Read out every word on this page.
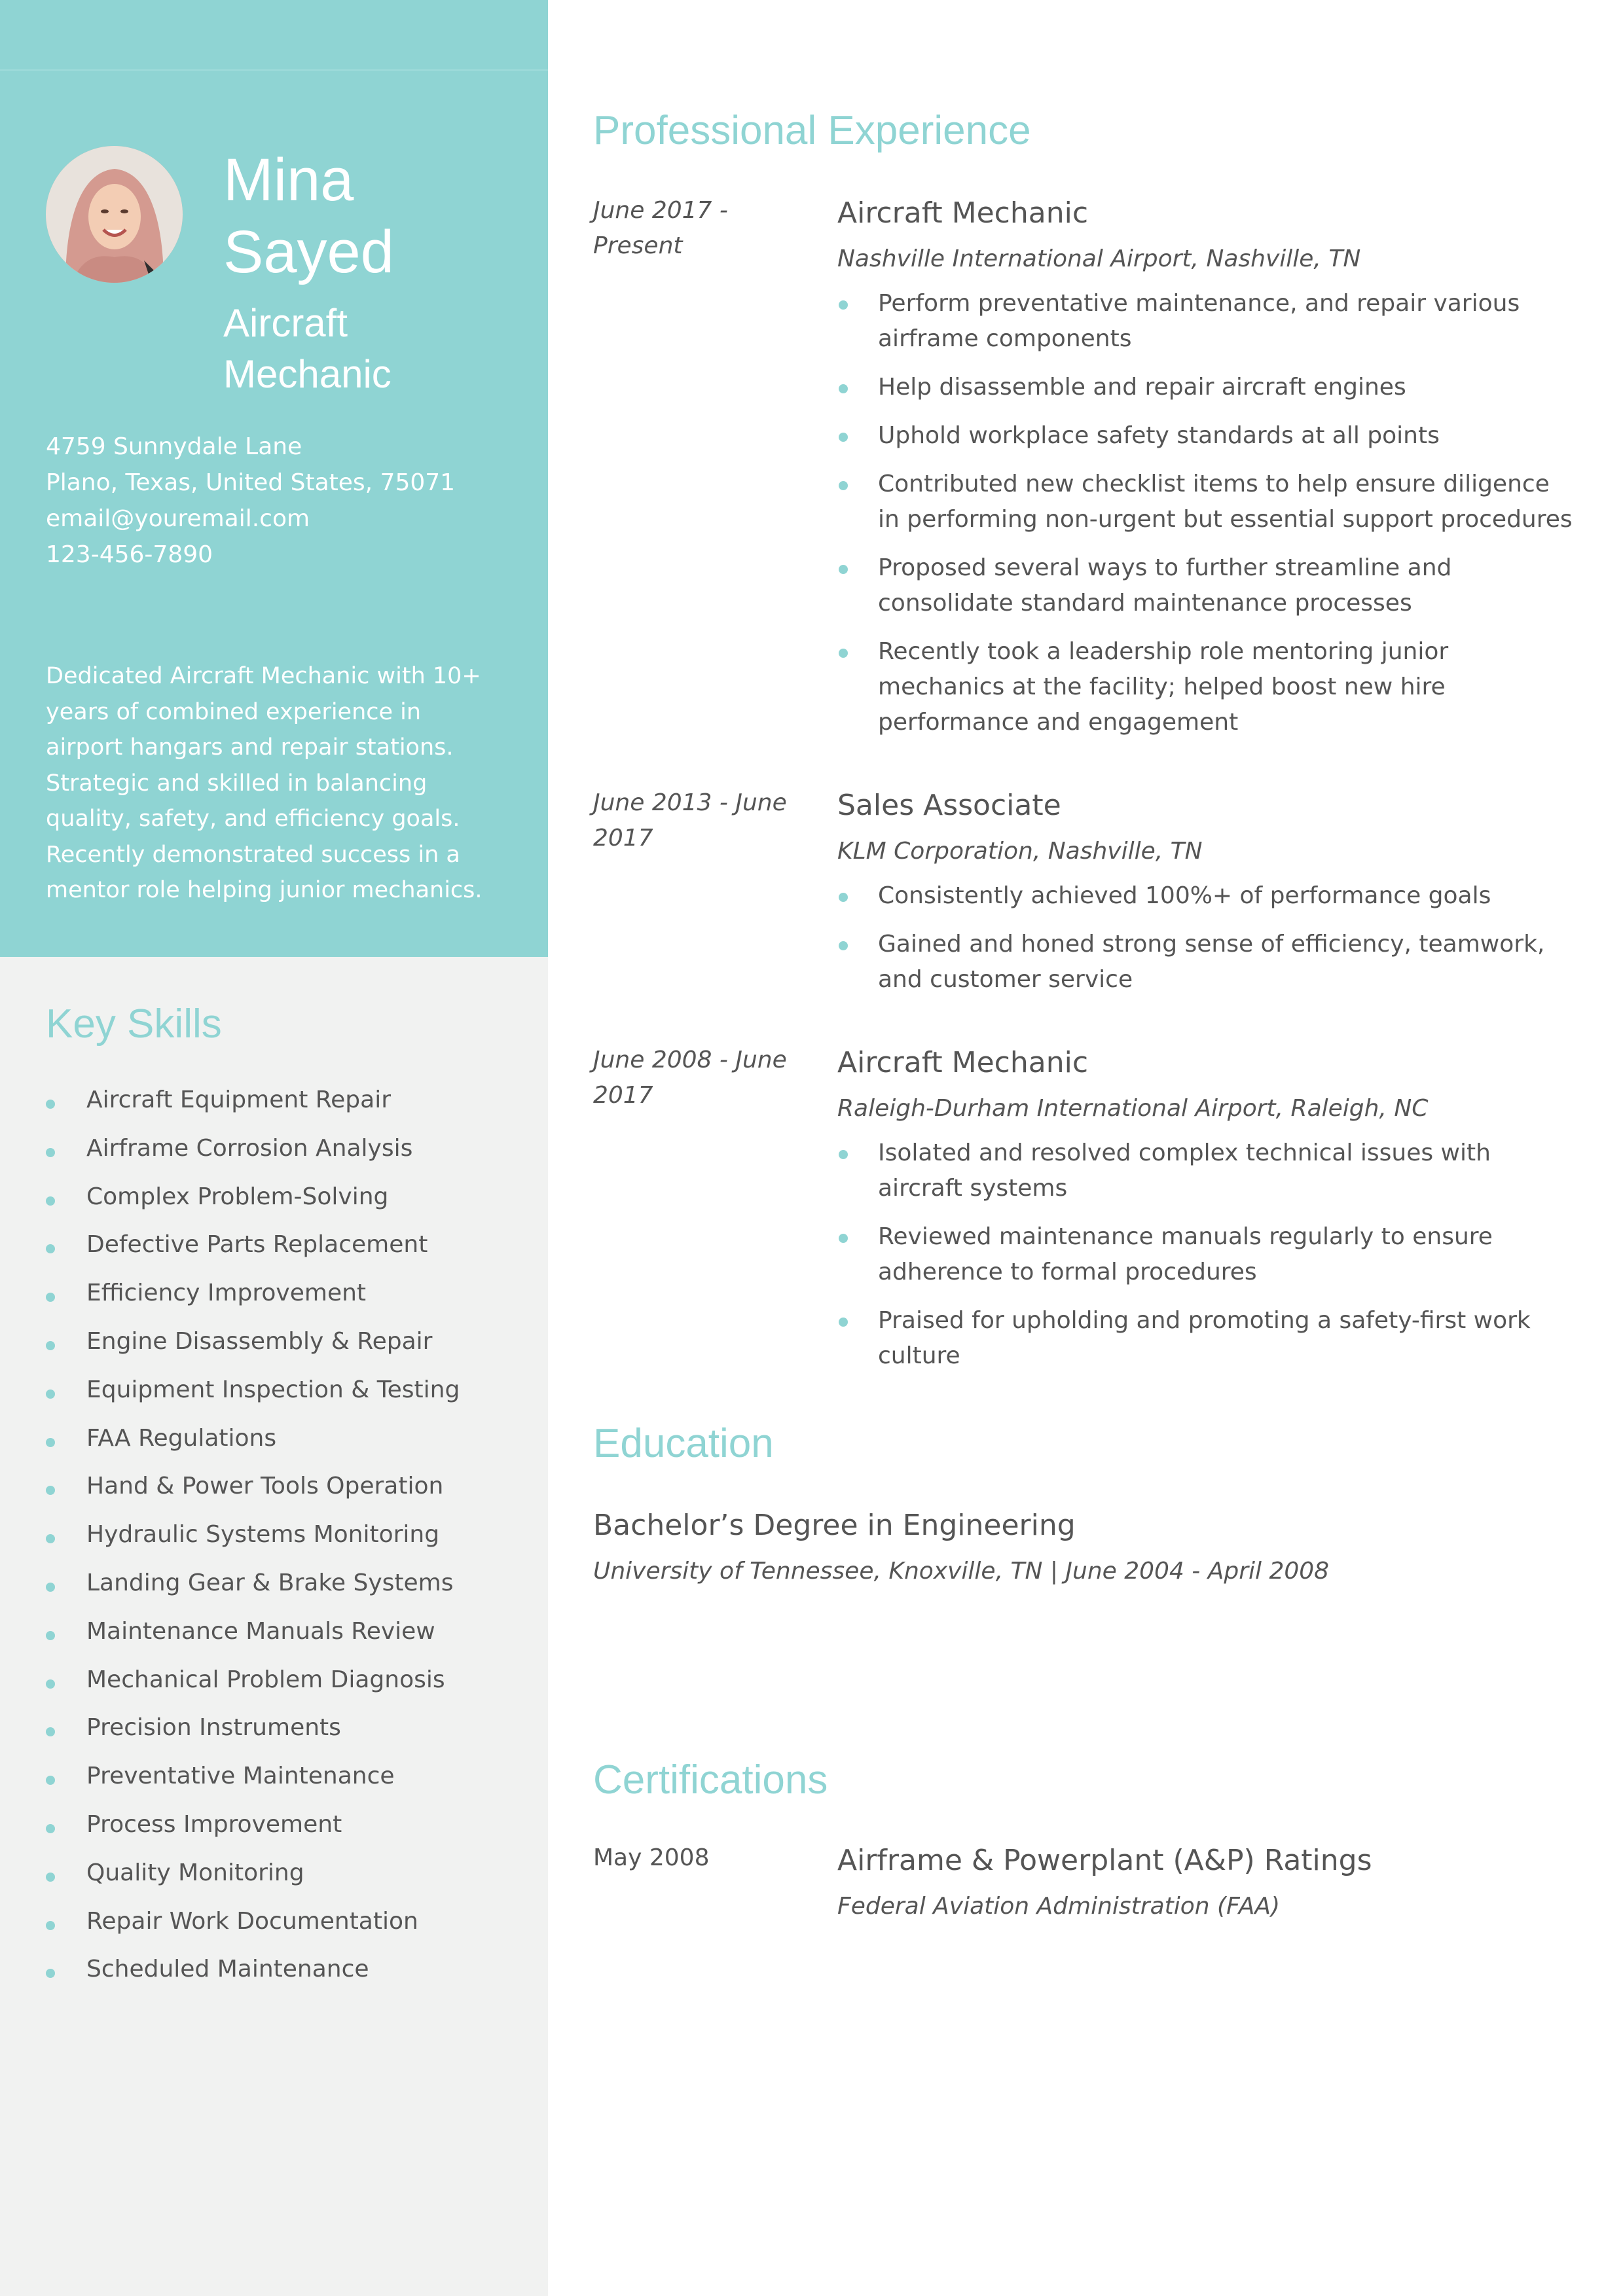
Mina
Sayed
Aircraft
Mechanic
4759 Sunnydale Lane
Plano, Texas, United States, 75071
email@youremail.com
123-456-7890
Dedicated Aircraft Mechanic with 10+ years of combined experience in airport hangars and repair stations. Strategic and skilled in balancing quality, safety, and efficiency goals. Recently demonstrated success in a mentor role helping junior mechanics.
Key Skills
Aircraft Equipment Repair
Airframe Corrosion Analysis
Complex Problem-Solving
Defective Parts Replacement
Efficiency Improvement
Engine Disassembly & Repair
Equipment Inspection & Testing
FAA Regulations
Hand & Power Tools Operation
Hydraulic Systems Monitoring
Landing Gear & Brake Systems
Maintenance Manuals Review
Mechanical Problem Diagnosis
Precision Instruments
Preventative Maintenance
Process Improvement
Quality Monitoring
Repair Work Documentation
Scheduled Maintenance
Professional Experience
June 2017 - Present
Aircraft Mechanic
Nashville International Airport, Nashville, TN
Perform preventative maintenance, and repair various airframe components
Help disassemble and repair aircraft engines
Uphold workplace safety standards at all points
Contributed new checklist items to help ensure diligence in performing non-urgent but essential support procedures
Proposed several ways to further streamline and consolidate standard maintenance processes
Recently took a leadership role mentoring junior mechanics at the facility; helped boost new hire performance and engagement
June 2013 - June 2017
Sales Associate
KLM Corporation, Nashville, TN
Consistently achieved 100%+ of performance goals
Gained and honed strong sense of efficiency, teamwork, and customer service
June 2008 - June 2017
Aircraft Mechanic
Raleigh-Durham International Airport, Raleigh, NC
Isolated and resolved complex technical issues with aircraft systems
Reviewed maintenance manuals regularly to ensure adherence to formal procedures
Praised for upholding and promoting a safety-first work culture
Education
Bachelor’s Degree in Engineering
University of Tennessee, Knoxville, TN | June 2004 - April 2008
Certifications
May 2008	Airframe & Powerplant (A&P) Ratings
Federal Aviation Administration (FAA)
